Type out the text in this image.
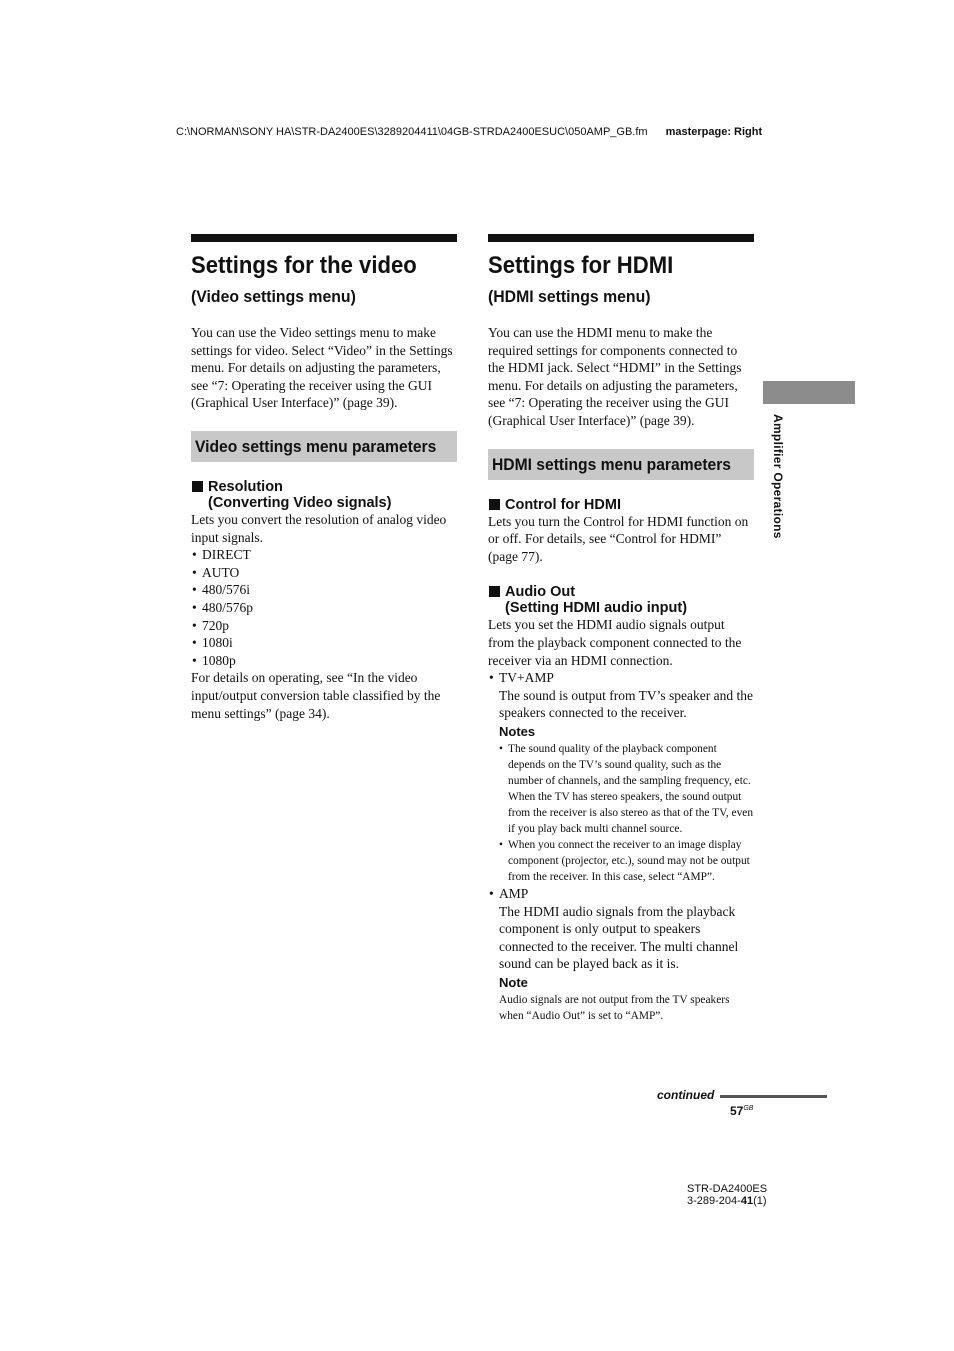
C:\NORMAN\SONY HA\STR-DA2400ES\3289204411\04GB-STRDA2400ESUC\050AMP_GB.fm masterpage: Right
Settings for the video
(Video settings menu)

You can use the Video settings menu to make settings for video. Select “Video” in the Settings menu. For details on adjusting the parameters, see “7: Operating the receiver using the GUI (Graphical User Interface)” (page 39).

Video settings menu parameters
Resolution
(Converting Video signals)

Lets you convert the resolution of analog video input signals.

• DIRECT
• AUTO
• 480/576i
• 480/576p
• 720p
• 1080i
• 1080p

For details on operating, see “In the video input/output conversion table classified by the menu settings” (page 34).

Settings for HDMI
(HDMI settings menu)

You can use the HDMI menu to make the required settings for components connected to the HDMI jack. Select “HDMI” in the Settings menu. For details on adjusting the parameters, see “7: Operating the receiver using the GUI (Graphical User Interface)” (page 39).

HDMI settings menu parameters
Control for HDMI

Lets you turn the Control for HDMI function on or off. For details, see “Control for HDMI” (page 77).

Audio Out
(Setting HDMI audio input)

Lets you set the HDMI audio signals output from the playback component connected to the receiver via an HDMI connection.

• TV+AMP
The sound is output from TV’s speaker and the speakers connected to the receiver.
Notes
• The sound quality of the playback component depends on the TV’s sound quality, such as the number of channels, and the sampling frequency, etc. When the TV has stereo speakers, the sound output from the receiver is also stereo as that of the TV, even if you play back multi channel source.
• When you connect the receiver to an image display component (projector, etc.), sound may not be output from the receiver. In this case, select “AMP”.
• AMP
The HDMI audio signals from the playback component is only output to speakers connected to the receiver. The multi channel sound can be played back as it is.
Note
Audio signals are not output from the TV speakers when “Audio Out” is set to “AMP”.
Amplifier Operations
continued
$57^{GB}$
STR-DA2400ES
3-289-204-41(1)
